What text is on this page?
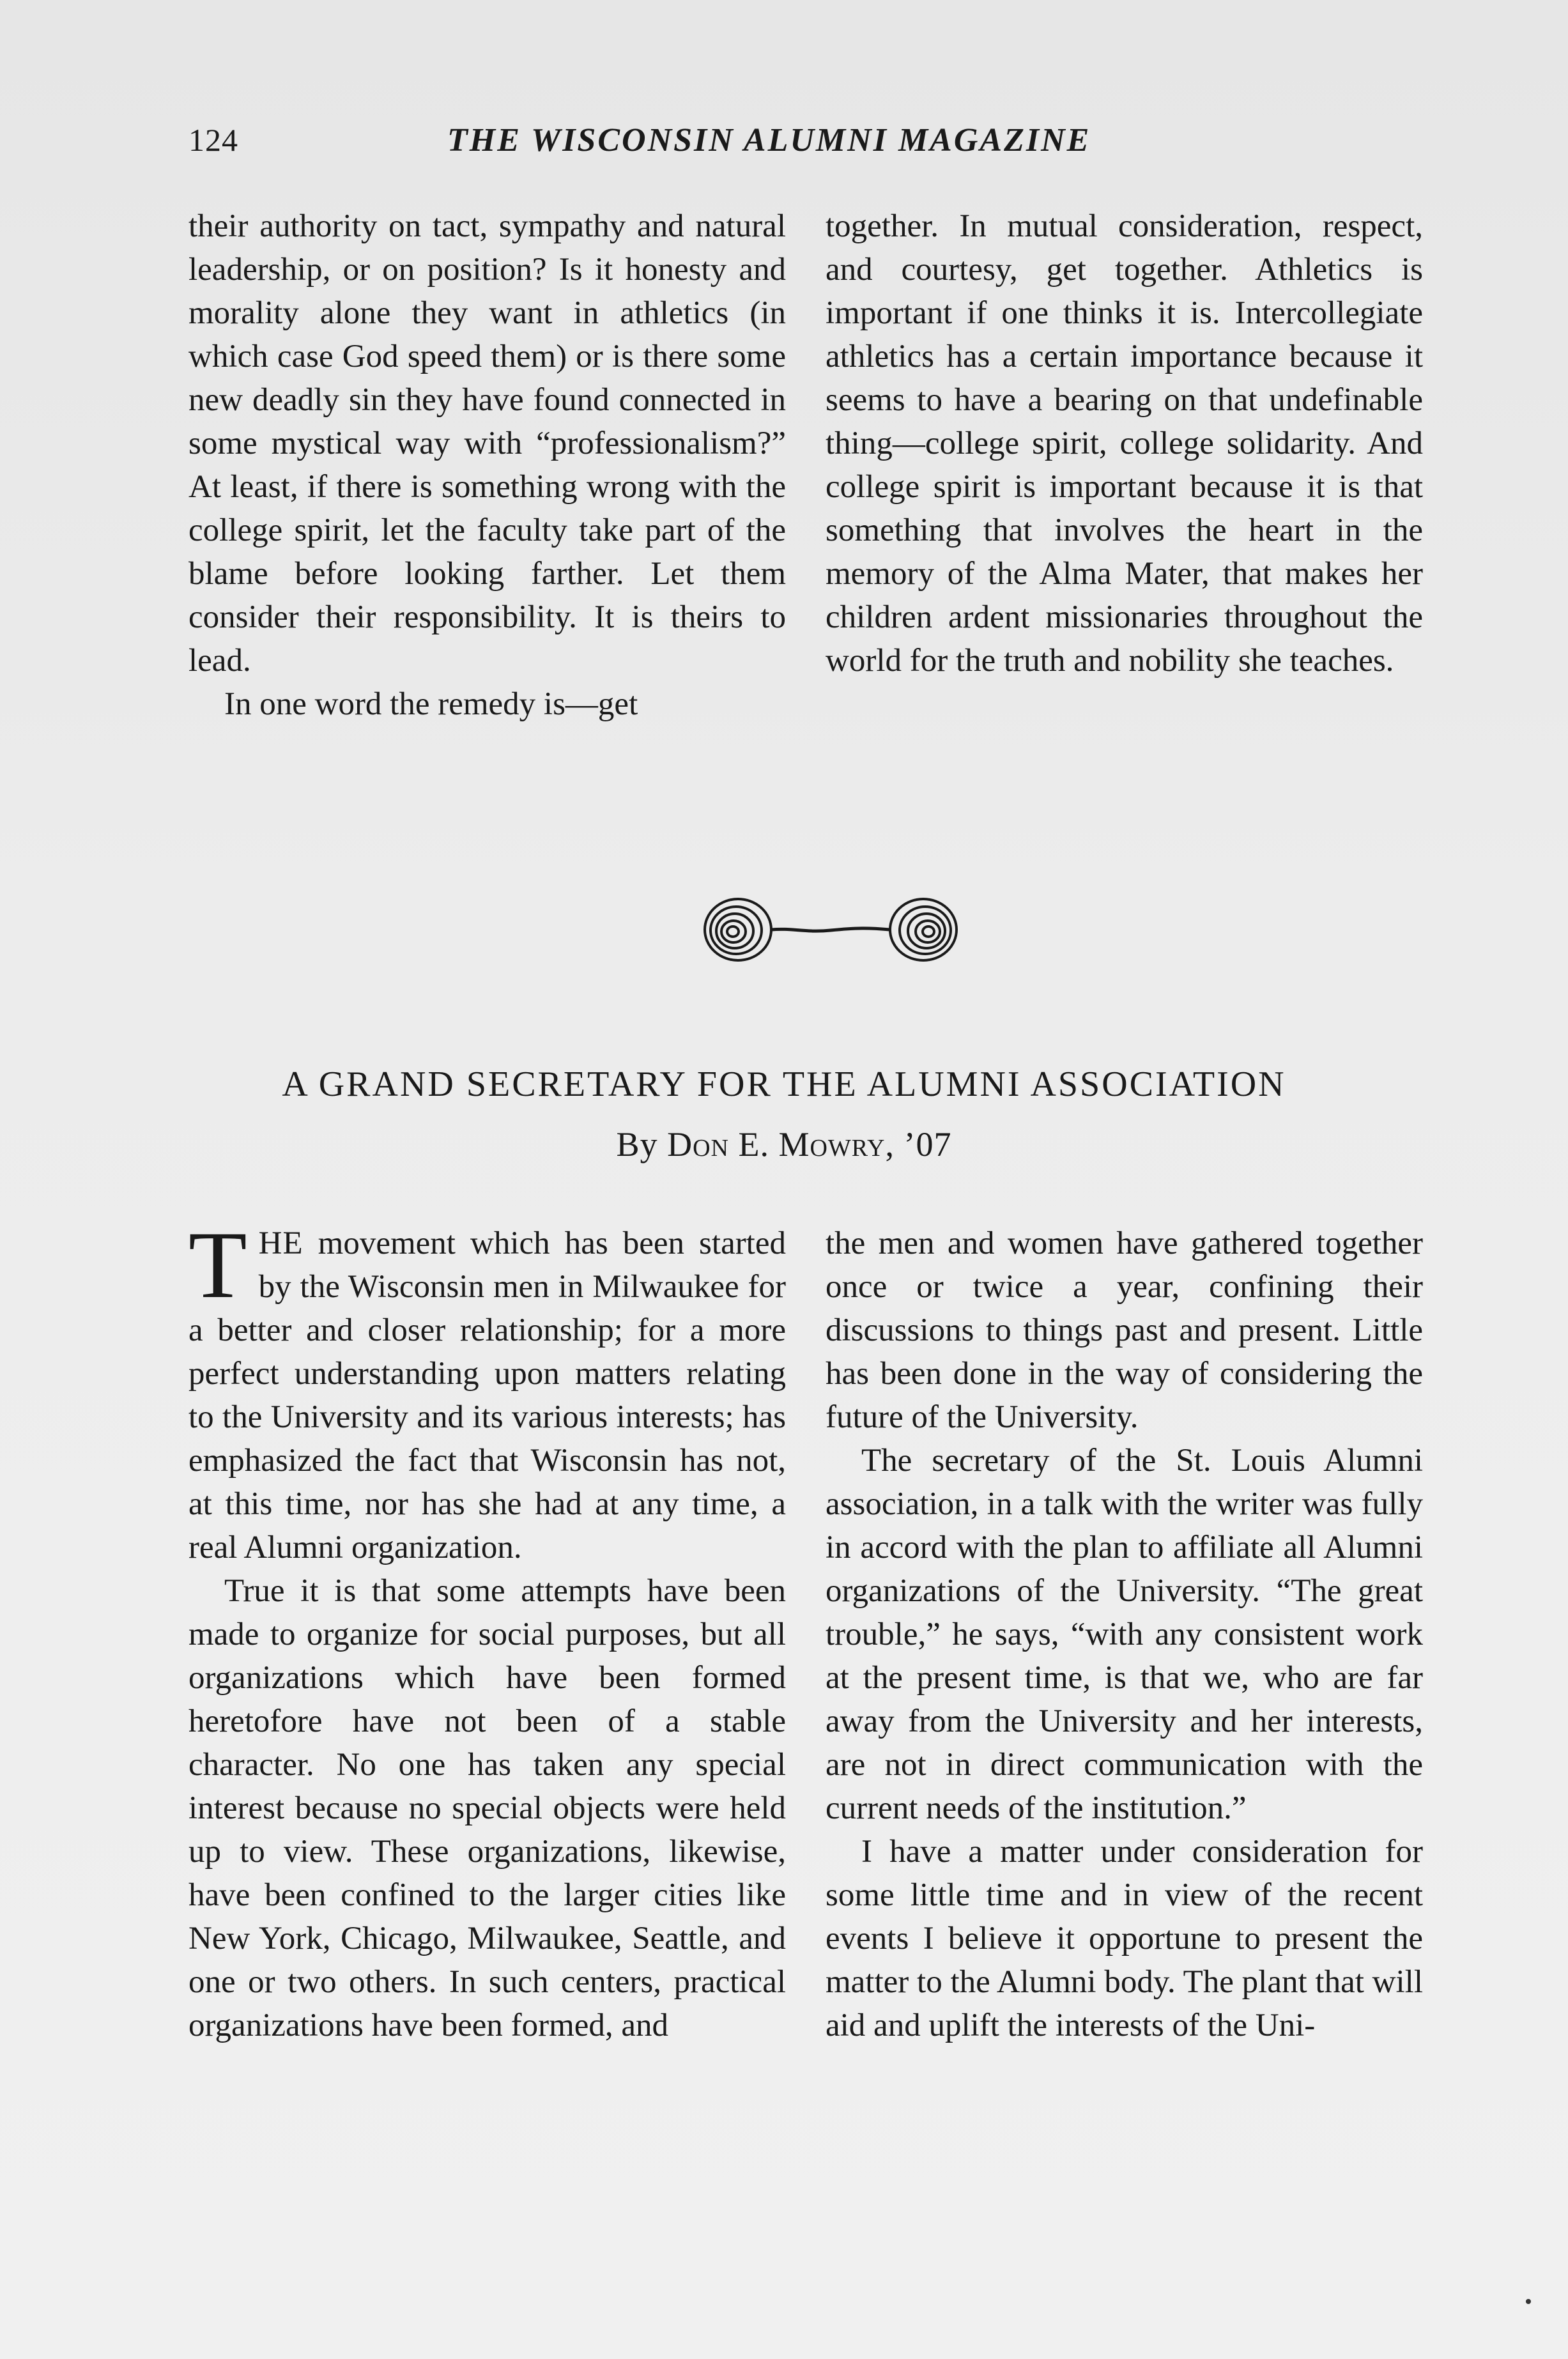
124	THE WISCONSIN ALUMNI MAGAZINE

their authority on tact, sympathy and natural leadership, or on position? Is it honesty and morality alone they want in athletics (in which case God speed them) or is there some new deadly sin they have found connected in some mystical way with “professionalism?” At least, if there is something wrong with the college spirit, let the faculty take part of the blame before looking farther. Let them consider their responsibility. It is theirs to lead.

In one word the remedy is—get

together. In mutual consideration, respect, and courtesy, get together. Athletics is important if one thinks it is. Intercollegiate athletics has a certain importance because it seems to have a bearing on that undefinable thing—college spirit, college solidarity. And college spirit is important because it is that something that involves the heart in the memory of the Alma Mater, that makes her children ardent missionaries throughout the world for the truth and nobility she teaches.

A GRAND SECRETARY FOR THE ALUMNI ASSOCIATION
By Don E. Mowry, ’07

THE movement which has been started by the Wisconsin men in Milwaukee for a better and closer relationship; for a more perfect understanding upon matters relating to the University and its various interests; has emphasized the fact that Wisconsin has not, at this time, nor has she had at any time, a real Alumni organization.

True it is that some attempts have been made to organize for social purposes, but all organizations which have been formed heretofore have not been of a stable character. No one has taken any special interest because no special objects were held up to view. These organizations, likewise, have been confined to the larger cities like New York, Chicago, Milwaukee, Seattle, and one or two others. In such centers, practical organizations have been formed, and

the men and women have gathered together once or twice a year, confining their discussions to things past and present. Little has been done in the way of considering the future of the University.

The secretary of the St. Louis Alumni association, in a talk with the writer was fully in accord with the plan to affiliate all Alumni organizations of the University. “The great trouble,” he says, “with any consistent work at the present time, is that we, who are far away from the University and her interests, are not in direct communication with the current needs of the institution.”

I have a matter under consideration for some little time and in view of the recent events I believe it opportune to present the matter to the Alumni body. The plant that will aid and uplift the interests of the Uni-
